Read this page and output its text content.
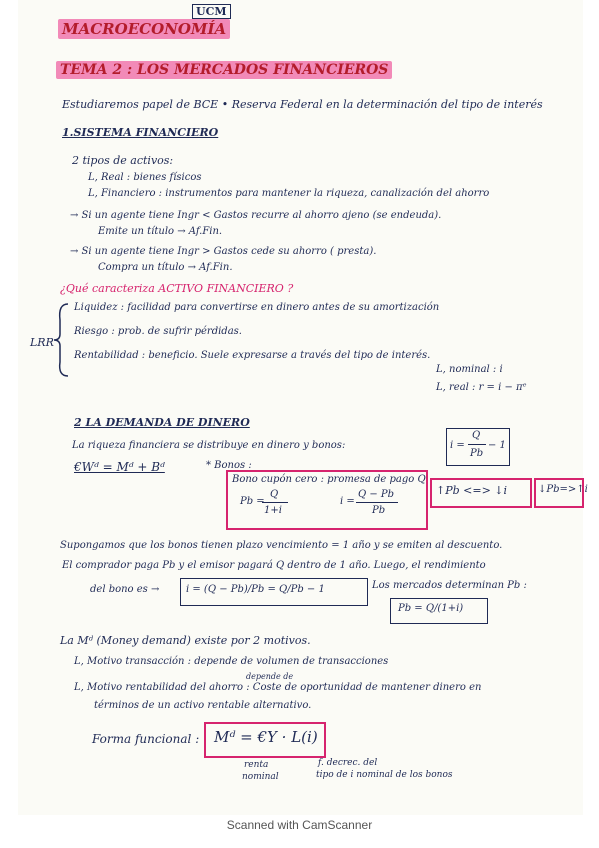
MACROECONOMÍA
UCM
TEMA 2 : LOS MERCADOS FINANCIEROS
Estudiaremos papel de BCE • Reserva Federal en la determinación del tipo de interés
1.SISTEMA FINANCIERO
2 tipos de activos:
L, Real : bienes físicos
L, Financiero : instrumentos para mantener la riqueza, canalización del ahorro
→ Si un agente tiene Ingr < Gastos recurre al ahorro ajeno (se endeuda).
Emite un título → Af.Fin.
→ Si un agente tiene Ingr > Gastos cede su ahorro ( presta).
Compra un título → Af.Fin.
¿Qué caracteriza ACTIVO FINANCIERO ?
LRR
Liquidez : facilidad para convertirse en dinero antes de su amortización
Riesgo : prob. de sufrir pérdidas.
Rentabilidad : beneficio. Suele expresarse a través del tipo de interés.
L, nominal : i
L, real : r = i − πᵉ
2 LA DEMANDA DE DINERO
La riqueza financiera se distribuye en dinero y bonos:
€Wᵈ = Mᵈ + Bᵈ	* Bonos :
i =
Q
Pb
− 1
Bono cupón cero : promesa de pago Q
Pb =
Q
1+i
i =
Q − Pb
Pb
↑Pb <=> ↓i	↓Pb=>↑i
Supongamos que los bonos tienen plazo vencimiento = 1 año y se emiten al descuento.
El comprador paga Pb y el emisor pagará Q dentro de 1 año. Luego, el rendimiento
del bono es →	i = (Q − Pb)/Pb = Q/Pb − 1	Los mercados determinan Pb :
Pb = Q/(1+i)
La Mᵈ (Money demand) existe por 2 motivos.
L, Motivo transacción : depende de volumen de transacciones
depende de
L, Motivo rentabilidad del ahorro : Coste de oportunidad de mantener dinero en
términos de un activo rentable alternativo.
Forma funcional : Mᵈ = €Y · L(i)
renta
nominal
f. decrec. del
tipo de i nominal de los bonos
Scanned with CamScanner
